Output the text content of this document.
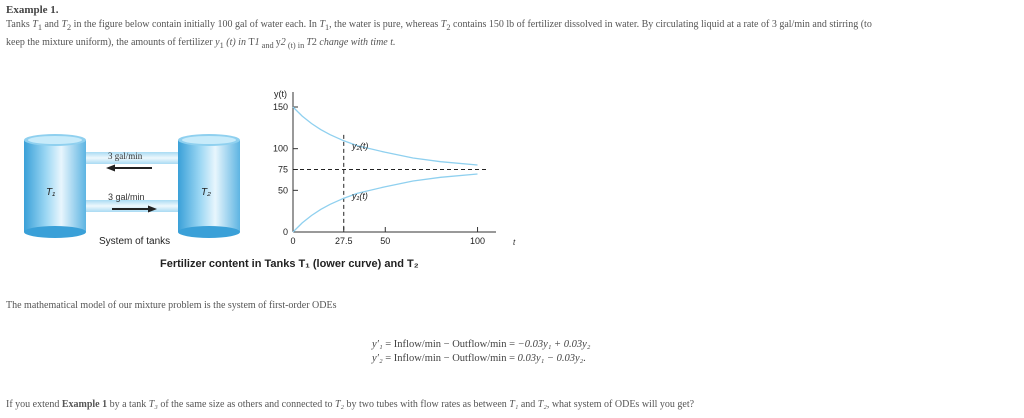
Example 1.
Tanks $T_1$ and $T_2$ in the figure below contain initially 100 gal of water each. In $T_1$, the water is pure, whereas $T_2$ contains 150 lb of fertilizer dissolved in water. By circulating liquid at a rate of 3 gal/min and stirring (to
keep the mixture uniform), the amounts of fertilizer $y_1$ (t) in T1 $_{and}$ y2 $_{(t) in}$ T2 change with time t.
T₁	T₂
3 gal/min
3 gal/min
System of tanks
y(t)
t
0
50
75
100
150
0	27.5	50	100
y₂(t)
y₁(t)
Fertilizer content in Tanks T₁ (lower curve) and T₂
The mathematical model of our mixture problem is the system of first-order ODEs
y′₁ = Inflow/min − Outflow/min = −0.03y₁ + 0.03y₂
y′₂ = Inflow/min − Outflow/min = 0.03y₁ − 0.03y₂.
If you extend Example 1 by a tank T₃ of the same size as others and connected to T₂ by two tubes with flow rates as between T₁ and T₂, what system of ODEs will you get?
